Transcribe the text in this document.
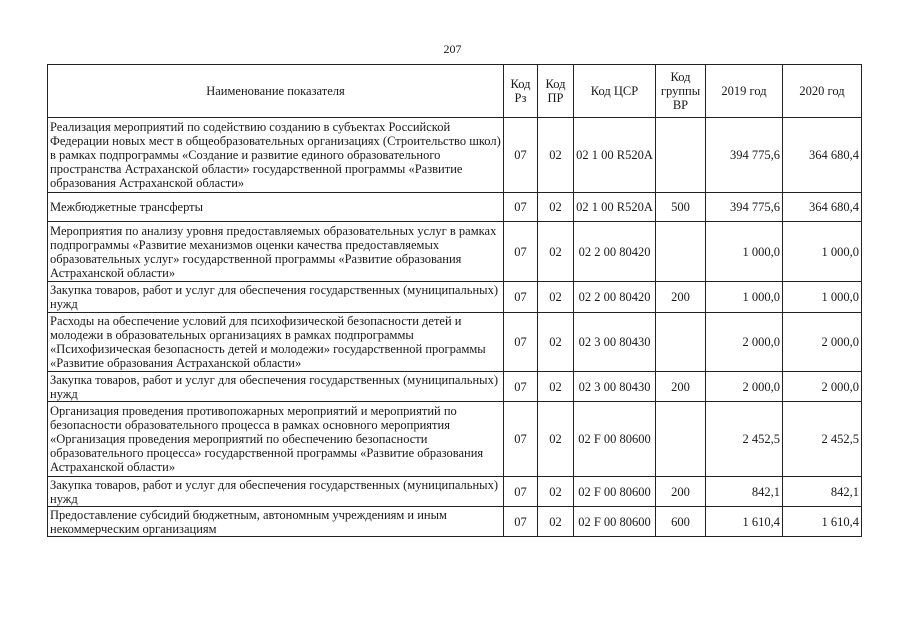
207
Наименование показателя	Код Рз	Код ПР	Код ЦСР	Код группы ВР	2019 год	2020 год
Реализация мероприятий по содействию созданию в субъектах Российской Федерации новых мест в общеобразовательных организациях (Строительство школ) в рамках подпрограммы «Создание и развитие единого образовательного пространства Астраханской области» государственной программы «Развитие образования Астраханской области»	07	02	02 1 00 R520A		394 775,6	364 680,4
Межбюджетные трансферты	07	02	02 1 00 R520A	500	394 775,6	364 680,4
Мероприятия по анализу уровня предоставляемых образовательных услуг в рамках подпрограммы «Развитие механизмов оценки качества предоставляемых образовательных услуг» государственной программы «Развитие образования Астраханской области»	07	02	02 2 00 80420		1 000,0	1 000,0
Закупка товаров, работ и услуг для обеспечения государственных (муниципальных) нужд	07	02	02 2 00 80420	200	1 000,0	1 000,0
Расходы на обеспечение условий для психофизической безопасности детей и молодежи в образовательных организациях в рамках подпрограммы «Психофизическая безопасность детей и молодежи» государственной программы «Развитие образования Астраханской области»	07	02	02 3 00 80430		2 000,0	2 000,0
Закупка товаров, работ и услуг для обеспечения государственных (муниципальных) нужд	07	02	02 3 00 80430	200	2 000,0	2 000,0
Организация проведения противопожарных мероприятий и мероприятий по безопасности образовательного процесса в рамках основного мероприятия «Организация проведения мероприятий по обеспечению безопасности образовательного процесса» государственной программы «Развитие образования Астраханской области»	07	02	02 F 00 80600		2 452,5	2 452,5
Закупка товаров, работ и услуг для обеспечения государственных (муниципальных) нужд	07	02	02 F 00 80600	200	842,1	842,1
Предоставление субсидий бюджетным, автономным учреждениям и иным некоммерческим организациям	07	02	02 F 00 80600	600	1 610,4	1 610,4
